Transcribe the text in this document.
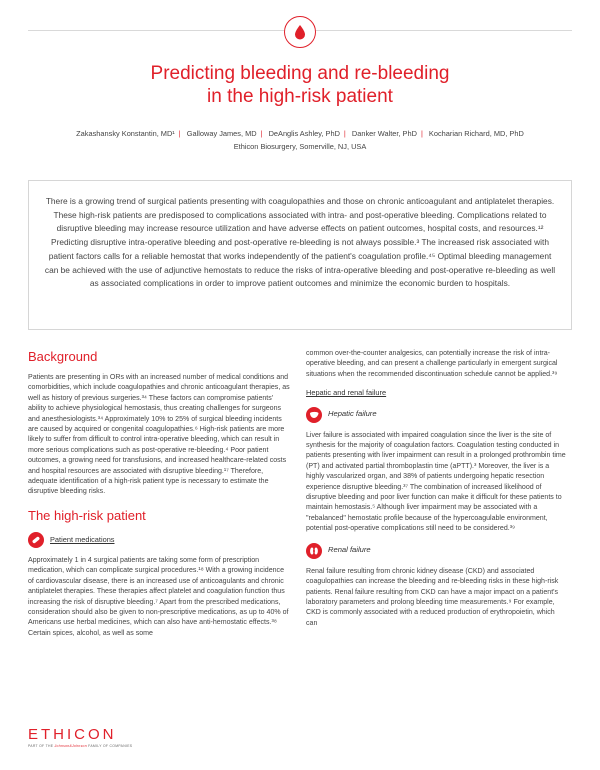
Predicting bleeding and re-bleeding
in the high-risk patient
Zakashansky Konstantin, MD¹ | Galloway James, MD | DeAnglis Ashley, PhD | Danker Walter, PhD | Kocharian Richard, MD, PhD
Ethicon Biosurgery, Somerville, NJ, USA

There is a growing trend of surgical patients presenting with coagulopathies and those on chronic anticoagulant and antiplatelet therapies. These high-risk patients are predisposed to complications associated with intra- and post-operative bleeding. Complications related to disruptive bleeding may increase resource utilization and have adverse effects on patient outcomes, hospital costs, and resources.¹² Predicting disruptive intra-operative bleeding and post-operative re-bleeding is not always possible.³ The increased risk associated with patient factors calls for a reliable hemostat that works independently of the patient's coagulation profile.⁴⁵ Optimal bleeding management can be achieved with the use of adjunctive hemostats to reduce the risks of intra-operative bleeding and post-operative re-bleeding as well as associated complications in order to improve patient outcomes and minimize the economic burden to hospitals.

Background

Patients are presenting in ORs with an increased number of medical conditions and comorbidities, which include coagulopathies and chronic anticoagulant therapies, as well as history of previous surgeries.³⁴ These factors can compromise patients' ability to achieve physiological hemostasis, thus creating challenges for surgeons and anesthesiologists.³⁴ Approximately 10% to 25% of surgical bleeding incidents are caused by acquired or congenital coagulopathies.⁶ High-risk patients are more likely to suffer from difficult to control intra-operative bleeding, which can result in more serious complications such as post-operative re-bleeding.⁴ Poor patient outcomes, a growing need for transfusions, and increased healthcare-related costs and hospital resources are associated with disruptive bleeding.¹⁷ Therefore, adequate identification of a high-risk patient type is necessary to estimate the disruptive bleeding risks.

The high-risk patient
Patient medications

Approximately 1 in 4 surgical patients are taking some form of prescription medication, which can complicate surgical procedures.¹⁸ With a growing incidence of cardiovascular disease, there is an increased use of anticoagulants and chronic antiplatelet therapies. These therapies affect platelet and coagulation function thus increasing the risk of disruptive bleeding.⁷ Apart from the prescribed medications, consideration should also be given to non-prescriptive medications, as up to 40% of Americans use herbal medicines, which can also have anti-hemostatic effects.³⁸ Certain spices, alcohol, as well as some

common over-the-counter analgesics, can potentially increase the risk of intra-operative bleeding, and can present a challenge particularly in emergent surgical situations when the recommended discontinuation schedule cannot be applied.³⁹

Hepatic and renal failure
Hepatic failure

Liver failure is associated with impaired coagulation since the liver is the site of synthesis for the majority of coagulation factors. Coagulation testing conducted in patients presenting with liver impairment can result in a prolonged prothrombin time (PT) and activated partial thromboplastin time (aPTT).³ Moreover, the liver is a highly vascularized organ, and 38% of patients undergoing hepatic resection experience disruptive bleeding.³⁷ The combination of increased likelihood of disruptive bleeding and poor liver function can make it difficult for these patients to maintain hemostasis.⁵ Although liver impairment may be associated with a "rebalanced" hemostatic profile because of the hypercoagulable environment, potential post-operative complications still need to be considered.³⁹

Renal failure

Renal failure resulting from chronic kidney disease (CKD) and associated coagulopathies can increase the bleeding and re-bleeding risks in these high-risk patients. Renal failure resulting from CKD can have a major impact on a patient's laboratory parameters and prolong bleeding time measurements.⁹ For example, CKD is commonly associated with a reduced production of erythropoietin, which can

ETHICON
PART OF THE Johnson&Johnson FAMILY OF COMPANIES
